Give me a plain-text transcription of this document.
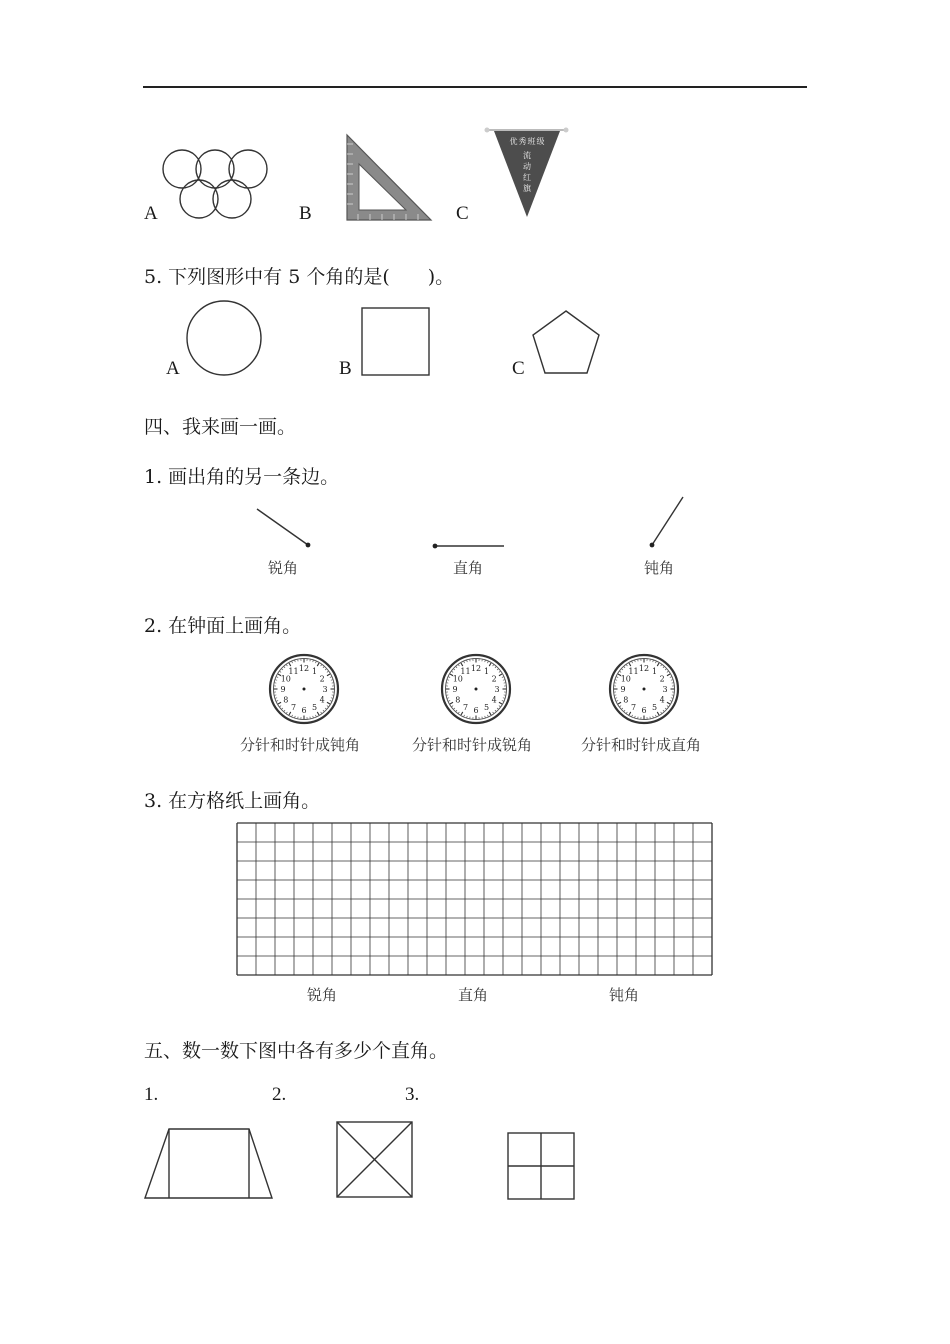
A	B	C
优秀班级
流
动
红
旗
5. 下列图形中有 5 个角的是(　　)。
A	B	C
四、我来画一画。
1. 画出角的另一条边。
锐角	直角	钝角
2. 在钟面上画角。
12 1
2
3
4
5
6
7
8
9
10
11	12 1
2
3
4
5
6
7
8
9
10
11	12 1
2
3
4
5
6
7
8
9
10
11
分针和时针成钝角	分针和时针成锐角	分针和时针成直角
3. 在方格纸上画角。
锐角	直角	钝角
五、数一数下图中各有多少个直角。
1.	2.	3.
